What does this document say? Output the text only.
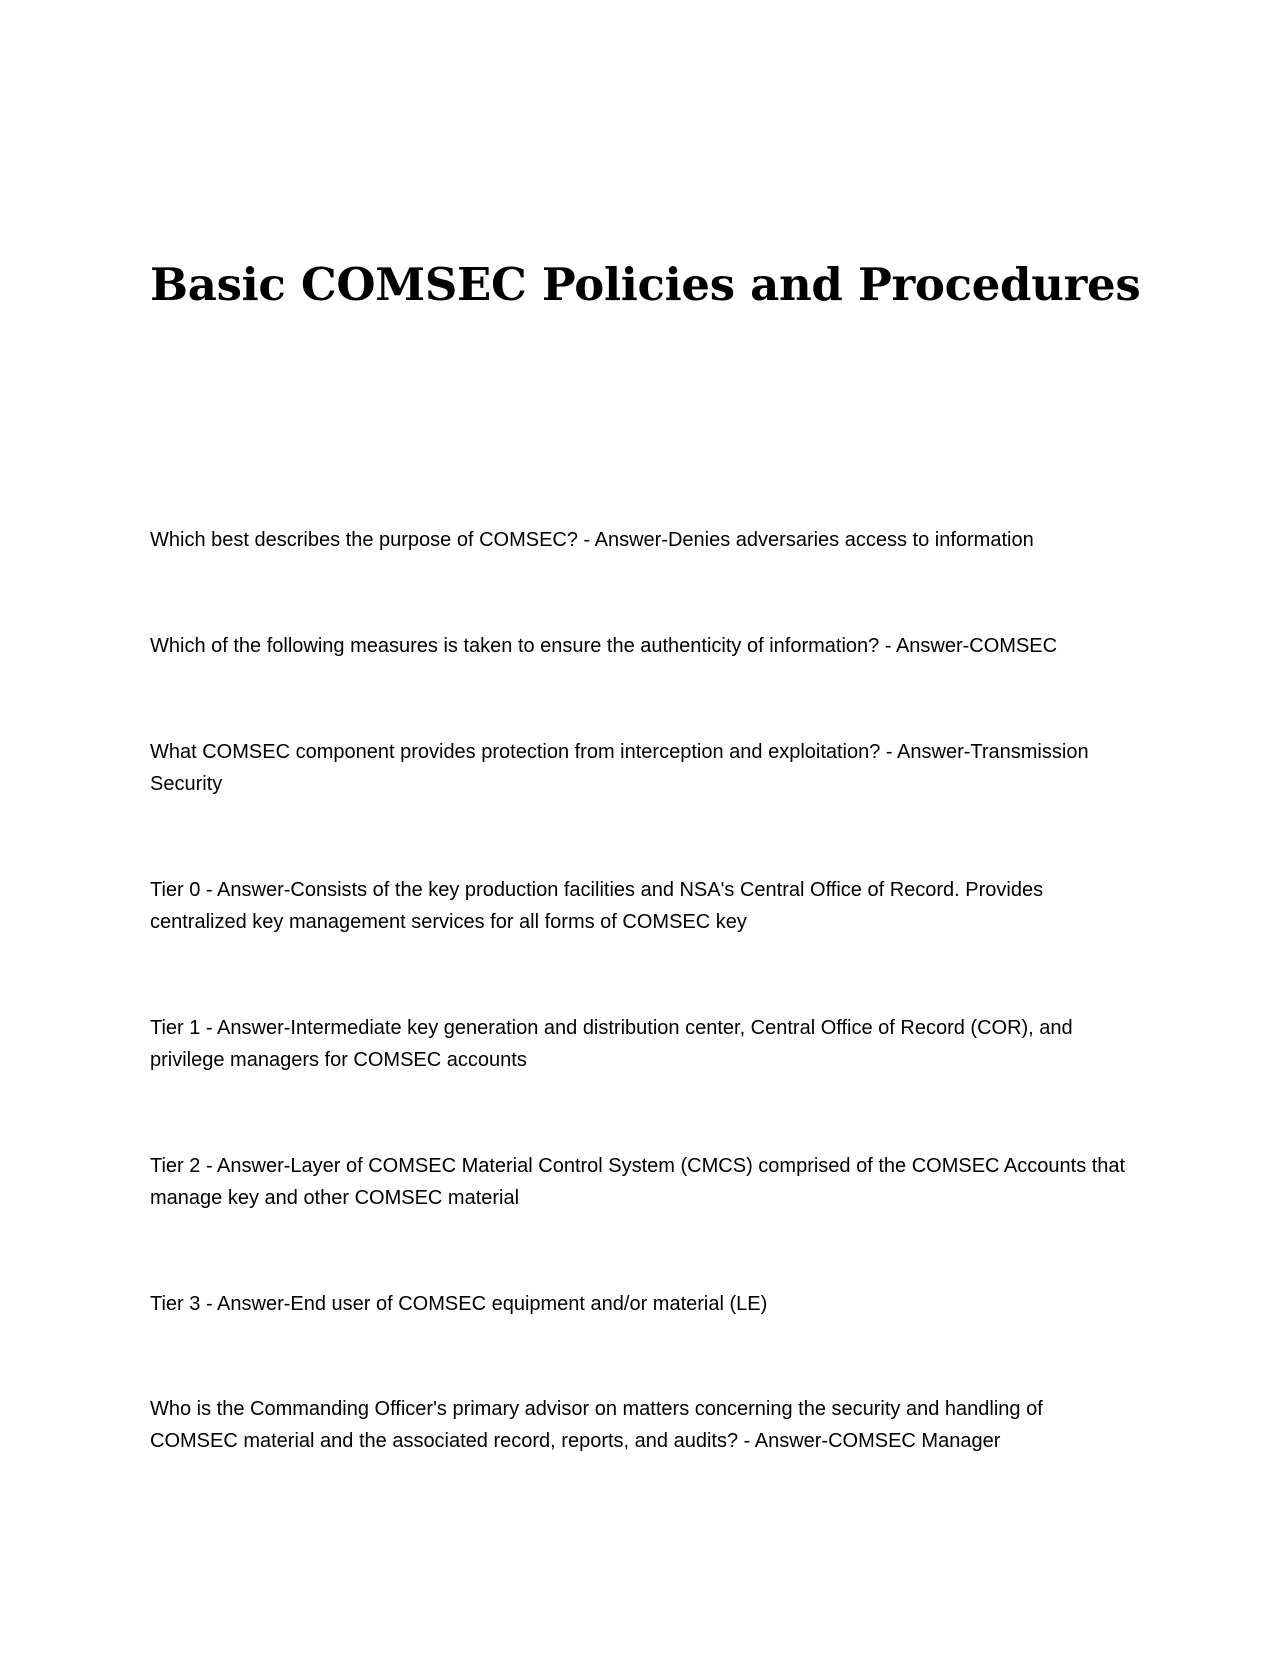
Basic COMSEC Policies and Procedures

Which best describes the purpose of COMSEC? - Answer-Denies adversaries access to information

Which of the following measures is taken to ensure the authenticity of information? - Answer-COMSEC

What COMSEC component provides protection from interception and exploitation? - Answer-Transmission Security

Tier 0 - Answer-Consists of the key production facilities and NSA's Central Office of Record. Provides centralized key management services for all forms of COMSEC key

Tier 1 - Answer-Intermediate key generation and distribution center, Central Office of Record (COR), and privilege managers for COMSEC accounts

Tier 2 - Answer-Layer of COMSEC Material Control System (CMCS) comprised of the COMSEC Accounts that manage key and other COMSEC material

Tier 3 - Answer-End user of COMSEC equipment and/or material (LE)

Who is the Commanding Officer's primary advisor on matters concerning the security and handling of COMSEC material and the associated record, reports, and audits? - Answer-COMSEC Manager
